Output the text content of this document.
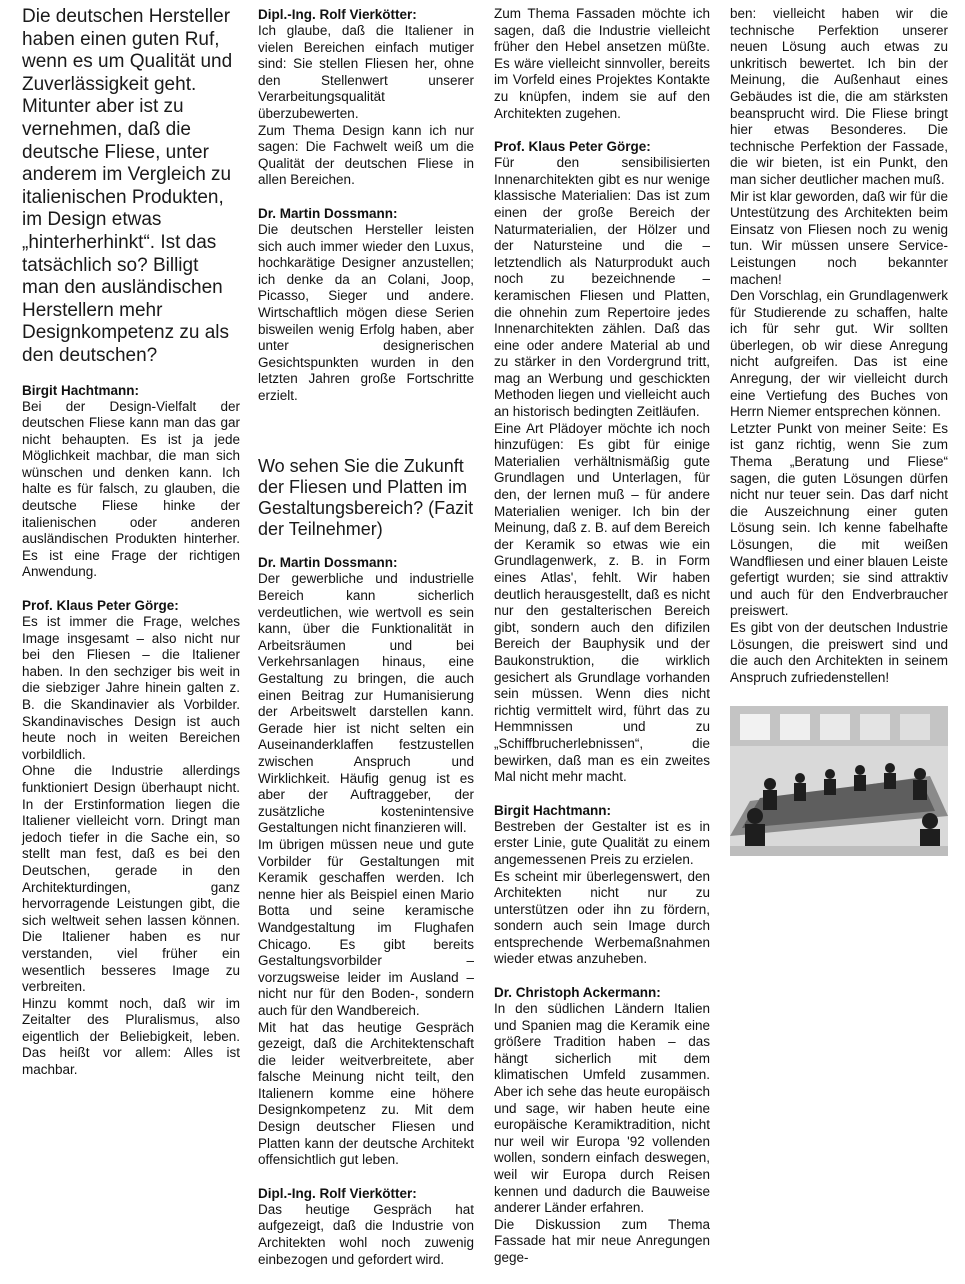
Die deutschen Hersteller haben einen guten Ruf, wenn es um Qualität und Zuverlässigkeit geht. Mitunter aber ist zu vernehmen, daß die deutsche Fliese, unter anderem im Vergleich zu italienischen Produkten, im Design etwas „hinterherhinkt“. Ist das tatsächlich so? Billigt man den ausländischen Herstellern mehr Designkompetenz zu als den deutschen?

Birgit Hachtmann:

Bei der Design-Vielfalt der deutschen Fliese kann man das gar nicht behaupten. Es ist ja jede Möglichkeit machbar, die man sich wünschen und denken kann. Ich halte es für falsch, zu glauben, die deutsche Fliese hinke der italienischen oder anderen ausländischen Produkten hinterher. Es ist eine Frage der richtigen Anwendung.

Prof. Klaus Peter Görge:

Es ist immer die Frage, welches Image insgesamt – also nicht nur bei den Fliesen – die Italiener haben. In den sechziger bis weit in die siebziger Jahre hinein galten z. B. die Skandinavier als Vorbilder. Skandinavisches Design ist auch heute noch in weiten Bereichen vorbildlich.

Ohne die Industrie allerdings funktioniert Design überhaupt nicht. In der Erstinformation liegen die Italiener vielleicht vorn. Dringt man jedoch tiefer in die Sache ein, so stellt man fest, daß es bei den Deutschen, gerade in den Architekturdingen, ganz hervorragende Leistungen gibt, die sich weltweit sehen lassen können. Die Italiener haben es nur verstanden, viel früher ein wesentlich besseres Image zu verbreiten.

Hinzu kommt noch, daß wir im Zeitalter des Pluralismus, also eigentlich der Beliebigkeit, leben. Das heißt vor allem: Alles ist machbar.

Dipl.-Ing. Rolf Vierkötter:

Ich glaube, daß die Italiener in vielen Bereichen einfach mutiger sind: Sie stellen Fliesen her, ohne den Stellenwert unserer Verarbeitungsqualität überzubewerten.

Zum Thema Design kann ich nur sagen: Die Fachwelt weiß um die Qualität der deutschen Fliese in allen Bereichen.

Dr. Martin Dossmann:

Die deutschen Hersteller leisten sich auch immer wieder den Luxus, hochkarätige Designer anzustellen; ich denke da an Colani, Joop, Picasso, Sieger und andere. Wirtschaftlich mögen diese Serien bisweilen wenig Erfolg haben, aber unter designerischen Gesichtspunkten wurden in den letzten Jahren große Fortschritte erzielt.

Wo sehen Sie die Zukunft der Fliesen und Platten im Gestaltungsbereich? (Fazit der Teilnehmer)

Dr. Martin Dossmann:

Der gewerbliche und industrielle Bereich kann sicherlich verdeutlichen, wie wertvoll es sein kann, über die Funktionalität in Arbeitsräumen und bei Verkehrsanlagen hinaus, eine Gestaltung zu bringen, die auch einen Beitrag zur Humanisierung der Arbeitswelt darstellen kann. Gerade hier ist nicht selten ein Auseinanderklaffen festzustellen zwischen Anspruch und Wirklichkeit. Häufig genug ist es aber der Auftraggeber, der zusätzliche kostenintensive Gestaltungen nicht finanzieren will.

Im übrigen müssen neue und gute Vorbilder für Gestaltungen mit Keramik geschaffen werden. Ich nenne hier als Beispiel einen Mario Botta und seine keramische Wandgestaltung im Flughafen Chicago. Es gibt bereits Gestaltungsvorbilder – vorzugsweise leider im Ausland – nicht nur für den Boden-, sondern auch für den Wandbereich.

Mit hat das heutige Gespräch gezeigt, daß die Architektenschaft die leider weitverbreitete, aber falsche Meinung nicht teilt, den Italienern komme eine höhere Designkompetenz zu. Mit dem Design deutscher Fliesen und Platten kann der deutsche Architekt offensichtlich gut leben.

Dipl.-Ing. Rolf Vierkötter:

Das heutige Gespräch hat aufgezeigt, daß die Industrie von Architekten wohl noch zuwenig einbezogen und gefordert wird.

Zum Thema Fassaden möchte ich sagen, daß die Industrie vielleicht früher den Hebel ansetzen müßte. Es wäre vielleicht sinnvoller, bereits im Vorfeld eines Projektes Kontakte zu knüpfen, indem sie auf den Architekten zugehen.

Prof. Klaus Peter Görge:

Für den sensibilisierten Innenarchitekten gibt es nur wenige klassische Materialien: Das ist zum einen der große Bereich der Naturmaterialien, der Hölzer und der Natursteine und die – letztendlich als Naturprodukt auch noch zu bezeichnende – keramischen Fliesen und Platten, die ohnehin zum Repertoire jedes Innenarchitekten zählen. Daß das eine oder andere Material ab und zu stärker in den Vordergrund tritt, mag an Werbung und geschickten Methoden liegen und vielleicht auch an historisch bedingten Zeitläufen.

Eine Art Plädoyer möchte ich noch hinzufügen: Es gibt für einige Materialien verhältnismäßig gute Grundlagen und Unterlagen, für den, der lernen muß – für andere Materialien weniger. Ich bin der Meinung, daß z. B. auf dem Bereich der Keramik so etwas wie ein Grundlagenwerk, z. B. in Form eines Atlas', fehlt. Wir haben deutlich herausgestellt, daß es nicht nur den gestalterischen Bereich gibt, sondern auch den difizilen Bereich der Bauphysik und der Baukonstruktion, die wirklich gesichert als Grundlage vorhanden sein müssen. Wenn dies nicht richtig vermittelt wird, führt das zu Hemmnissen und zu „Schiffbrucherlebnissen“, die bewirken, daß man es ein zweites Mal nicht mehr macht.

Birgit Hachtmann:

Bestreben der Gestalter ist es in erster Linie, gute Qualität zu einem angemessenen Preis zu erzielen.

Es scheint mir überlegenswert, den Architekten nicht nur zu unterstützen oder ihn zu fördern, sondern auch sein Image durch entsprechende Werbemaßnahmen wieder etwas anzuheben.

Dr. Christoph Ackermann:

In den südlichen Ländern Italien und Spanien mag die Keramik eine größere Tradition haben – das hängt sicherlich mit dem klimatischen Umfeld zusammen. Aber ich sehe das heute europäisch und sage, wir haben heute eine europäische Keramiktradition, nicht nur weil wir Europa '92 vollenden wollen, sondern einfach deswegen, weil wir Europa durch Reisen kennen und dadurch die Bauweise anderer Länder erfahren.

Die Diskussion zum Thema Fassade hat mir neue Anregungen gege-

ben: vielleicht haben wir die technische Perfektion unserer neuen Lösung auch etwas zu unkritisch bewertet. Ich bin der Meinung, die Außenhaut eines Gebäudes ist die, die am stärksten beansprucht wird. Die Fliese bringt hier etwas Besonderes. Die technische Perfektion der Fassade, die wir bieten, ist ein Punkt, den man sicher deutlicher machen muß.

Mir ist klar geworden, daß wir für die Untestützung des Architekten beim Einsatz von Fliesen noch zu wenig tun. Wir müssen unsere Service-Leistungen noch bekannter machen!

Den Vorschlag, ein Grundlagenwerk für Studierende zu schaffen, halte ich für sehr gut. Wir sollten überlegen, ob wir diese Anregung nicht aufgreifen. Das ist eine Anregung, der wir vielleicht durch eine Vertiefung des Buches von Herrn Niemer entsprechen können.

Letzter Punkt von meiner Seite: Es ist ganz richtig, wenn Sie zum Thema „Beratung und Fliese“ sagen, die guten Lösungen dürfen nicht nur teuer sein. Das darf nicht die Auszeichnung einer guten Lösung sein. Ich kenne fabelhafte Lösungen, die mit weißen Wandfliesen und einer blauen Leiste gefertigt wurden; sie sind attraktiv und auch für den Endverbraucher preiswert.

Es gibt von der deutschen Industrie Lösungen, die preiswert sind und die auch den Architekten in seinem Anspruch zufriedenstellen!
